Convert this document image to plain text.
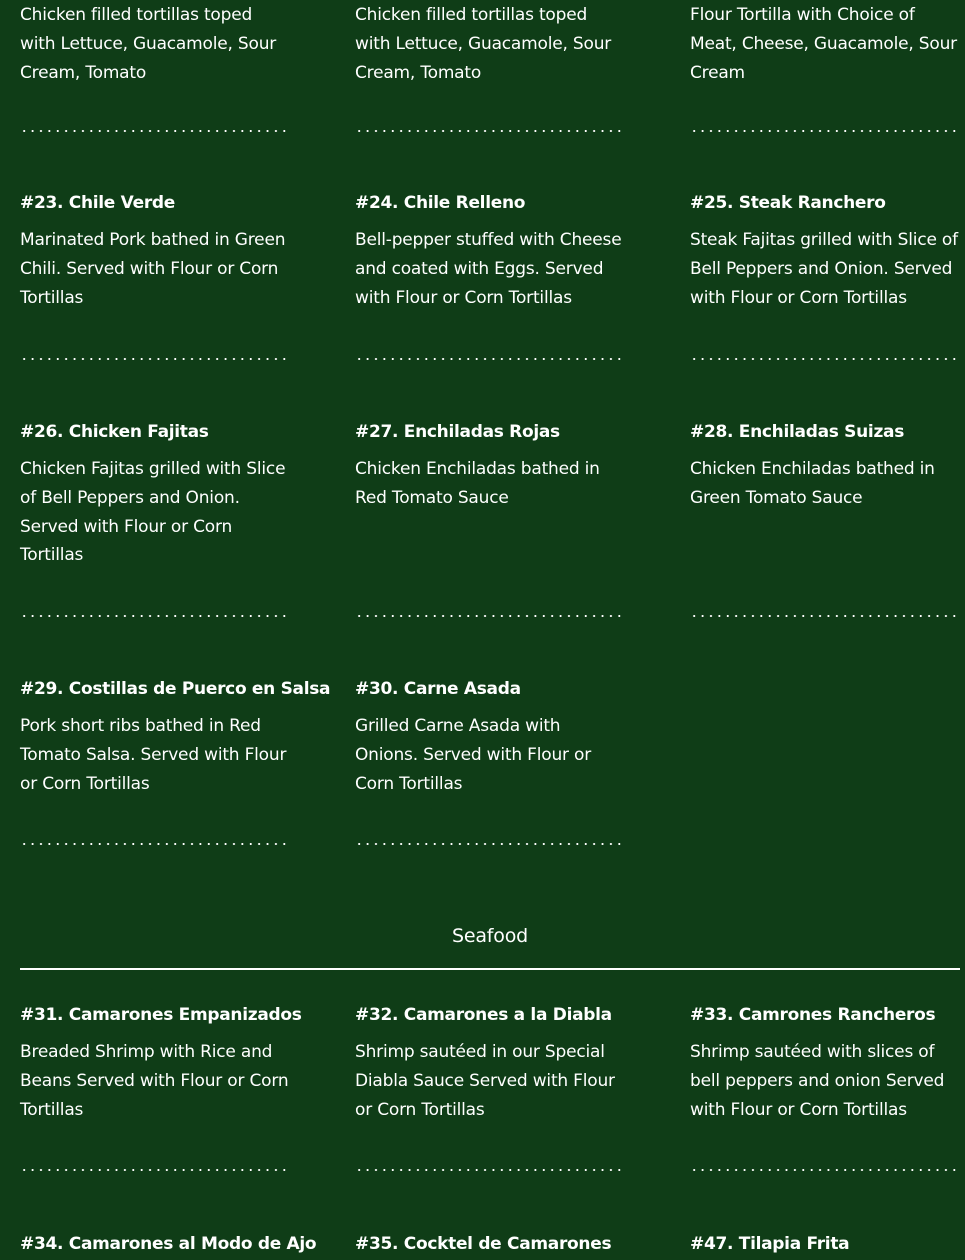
Chicken filled tortillas toped with Lettuce, Guacamole, Sour Cream, Tomato
Chicken filled tortillas toped with Lettuce, Guacamole, Sour Cream, Tomato
Flour Tortilla with Choice of Meat, Cheese, Guacamole, Sour Cream
#23. Chile Verde
Marinated Pork bathed in Green Chili. Served with Flour or Corn Tortillas
#24. Chile Relleno
Bell-pepper stuffed with Cheese and coated with Eggs. Served with Flour or Corn Tortillas
#25. Steak Ranchero
Steak Fajitas grilled with Slice of Bell Peppers and Onion. Served with Flour or Corn Tortillas
#26. Chicken Fajitas
Chicken Fajitas grilled with Slice of Bell Peppers and Onion. Served with Flour or Corn Tortillas
#27. Enchiladas Rojas
Chicken Enchiladas bathed in Red Tomato Sauce
#28. Enchiladas Suizas
Chicken Enchiladas bathed in Green Tomato Sauce
#29. Costillas de Puerco en Salsa
Pork short ribs bathed in Red Tomato Salsa. Served with Flour or Corn Tortillas
#30. Carne Asada
Grilled Carne Asada with Onions. Served with Flour or Corn Tortillas
Seafood
#31. Camarones Empanizados
Breaded Shrimp with Rice and Beans Served with Flour or Corn Tortillas
#32. Camarones a la Diabla
Shrimp sautéed in our Special Diabla Sauce Served with Flour or Corn Tortillas
#33. Camrones Rancheros
Shrimp sautéed with slices of bell peppers and onion Served with Flour or Corn Tortillas
#34. Camarones al Modo de Ajo #35. Cocktel de Camarones	#47. Tilapia Frita
